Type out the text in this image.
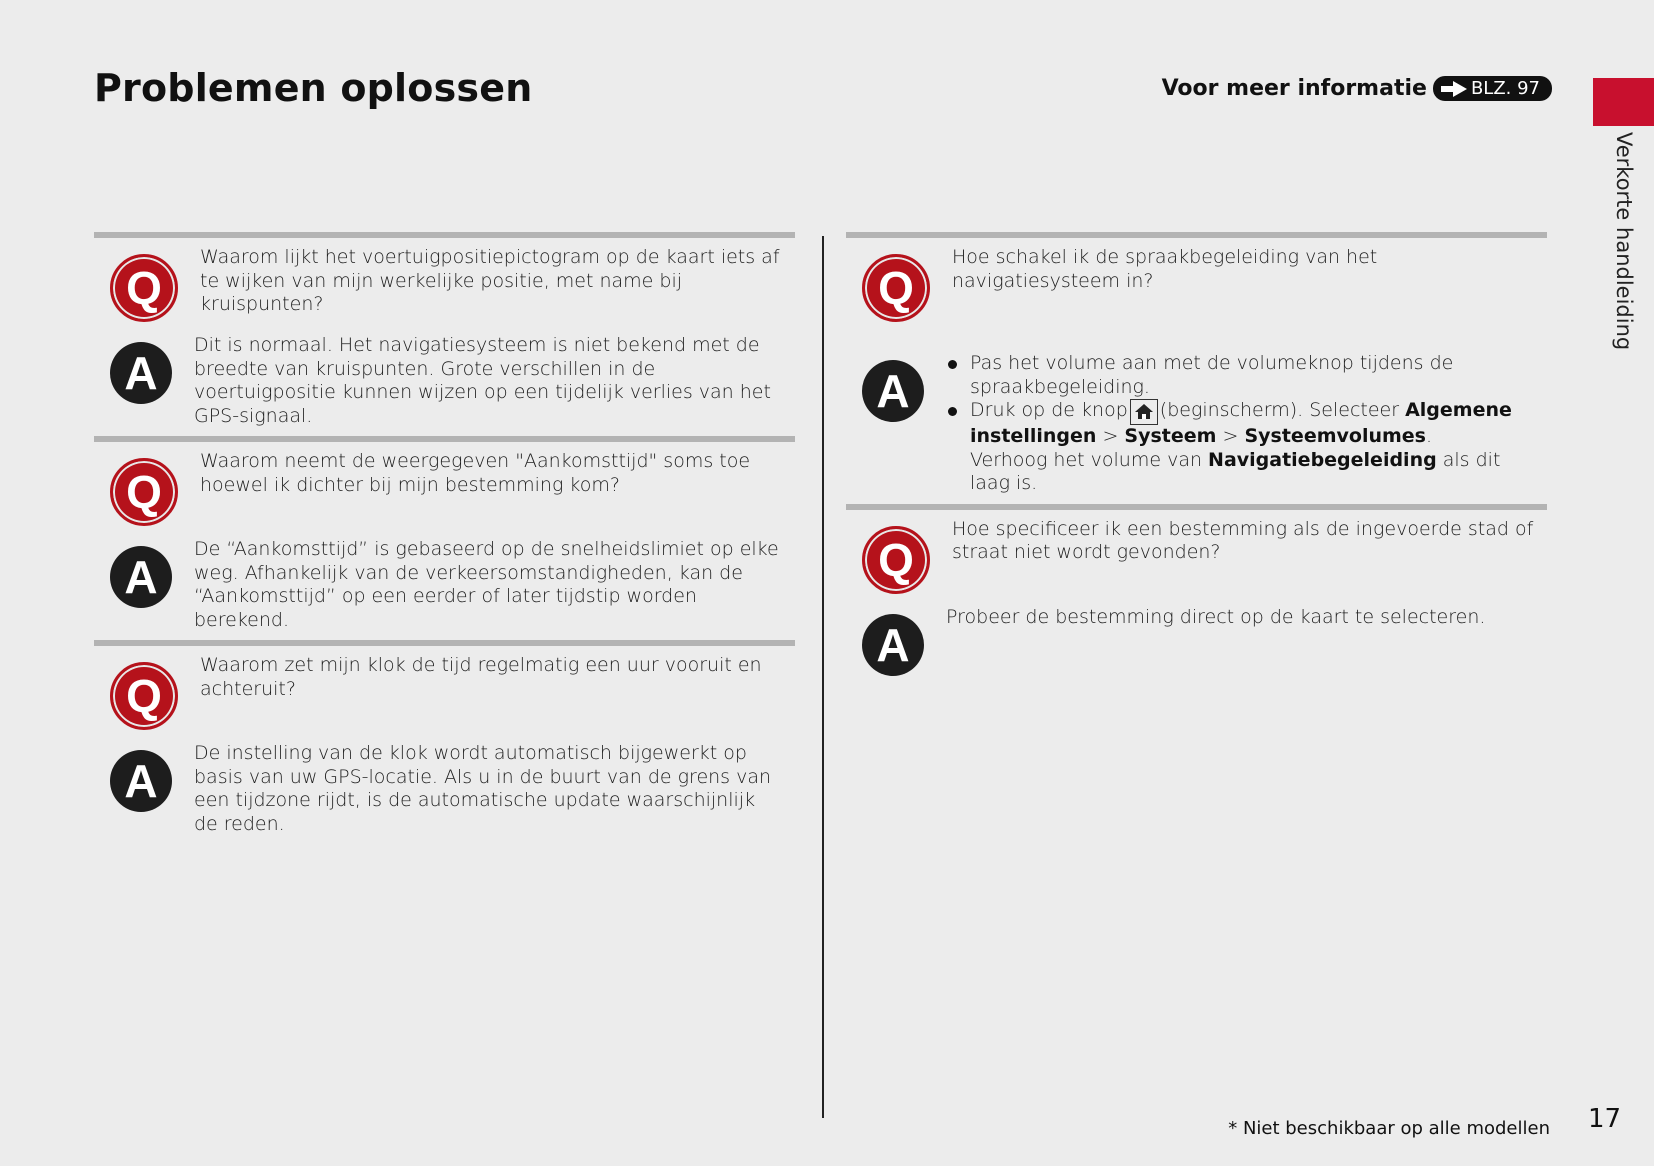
Problemen oplossen	Voor meer informatie BLZ. 97
Verkorte handleiding
Q
Waarom lijkt het voertuigpositiepictogram op de kaart iets af te wijken van mijn werkelijke positie, met name bij kruispunten?
A
Dit is normaal. Het navigatiesysteem is niet bekend met de breedte van kruispunten. Grote verschillen in de voertuigpositie kunnen wijzen op een tijdelijk verlies van het GPS-signaal.
Q
Waarom neemt de weergegeven "Aankomsttijd" soms toe hoewel ik dichter bij mijn bestemming kom?
A
De “Aankomsttijd” is gebaseerd op de snelheidslimiet op elke weg. Afhankelijk van de verkeersomstandigheden, kan de “Aankomsttijd” op een eerder of later tijdstip worden berekend.
Q
Waarom zet mijn klok de tijd regelmatig een uur vooruit en achteruit?
A
De instelling van de klok wordt automatisch bijgewerkt op basis van uw GPS-locatie. Als u in de buurt van de grens van een tijdzone rijdt, is de automatische update waarschijnlijk de reden.
Q
Hoe schakel ik de spraakbegeleiding van het navigatiesysteem in?
A
Pas het volume aan met de volumeknop tijdens de spraakbegeleiding.
Druk op de knop (beginscherm). Selecteer Algemene instellingen > Systeem > Systeemvolumes.
Verhoog het volume van Navigatiebegeleiding als dit laag is.
Q
Hoe specificeer ik een bestemming als de ingevoerde stad of straat niet wordt gevonden?
A
Probeer de bestemming direct op de kaart te selecteren.
* Niet beschikbaar op alle modellen 17
